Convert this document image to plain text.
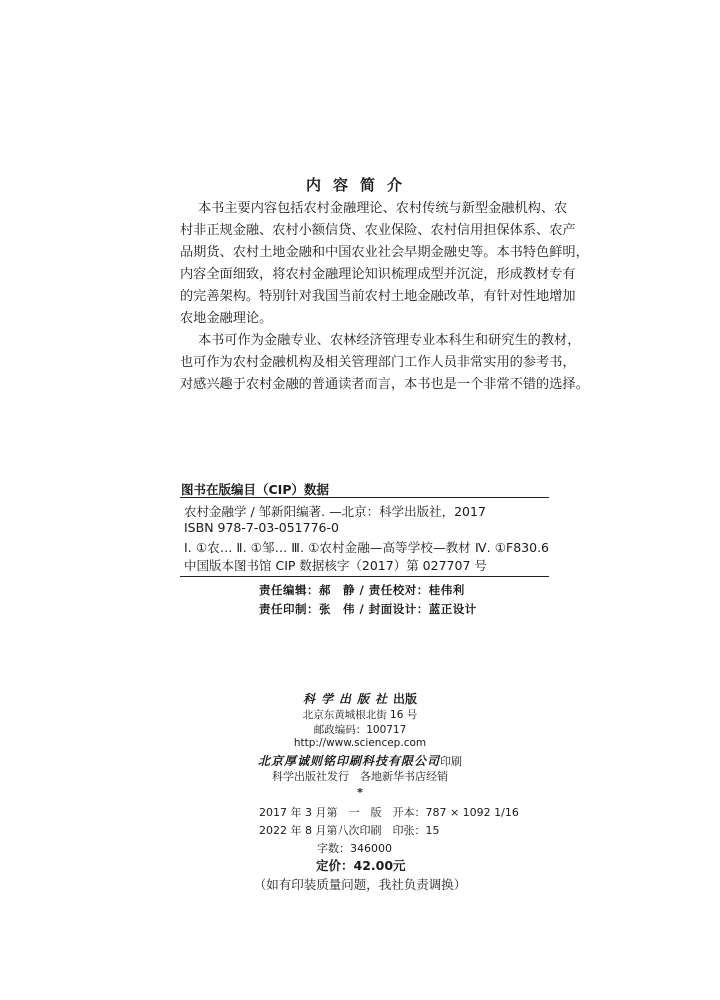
内容简介
本书主要内容包括农村金融理论、农村传统与新型金融机构、农
村非正规金融、农村小额信贷、农业保险、农村信用担保体系、农产
品期货、农村土地金融和中国农业社会早期金融史等。本书特色鲜明，
内容全面细致，将农村金融理论知识梳理成型并沉淀，形成教材专有
的完善架构。特别针对我国当前农村土地金融改革，有针对性地增加
农地金融理论。
本书可作为金融专业、农林经济管理专业本科生和研究生的教材，
也可作为农村金融机构及相关管理部门工作人员非常实用的参考书，
对感兴趣于农村金融的普通读者而言，本书也是一个非常不错的选择。
图书在版编目（CIP）数据
农村金融学 / 邹新阳编著. —北京：科学出版社，2017
ISBN 978-7-03-051776-0
Ⅰ. ①农… Ⅱ. ①邹… Ⅲ. ①农村金融—高等学校—教材 Ⅳ. ①F830.6
中国版本图书馆 CIP 数据核字（2017）第 027707 号
责任编辑：郝　静 / 责任校对：桂伟利
责任印制：张　伟 / 封面设计：蓝正设计
科学出版社出版
北京东黄城根北街 16 号
邮政编码：100717
http://www.sciencep.com
北京厚诚则铭印刷科技有限公司印刷
科学出版社发行　各地新华书店经销
*
2017 年 3 月第　一　版　开本：787 × 1092 1/16
2022 年 8 月第八次印刷　印张：15
字数：346000
定价：42.00元
（如有印装质量问题，我社负责调换）
